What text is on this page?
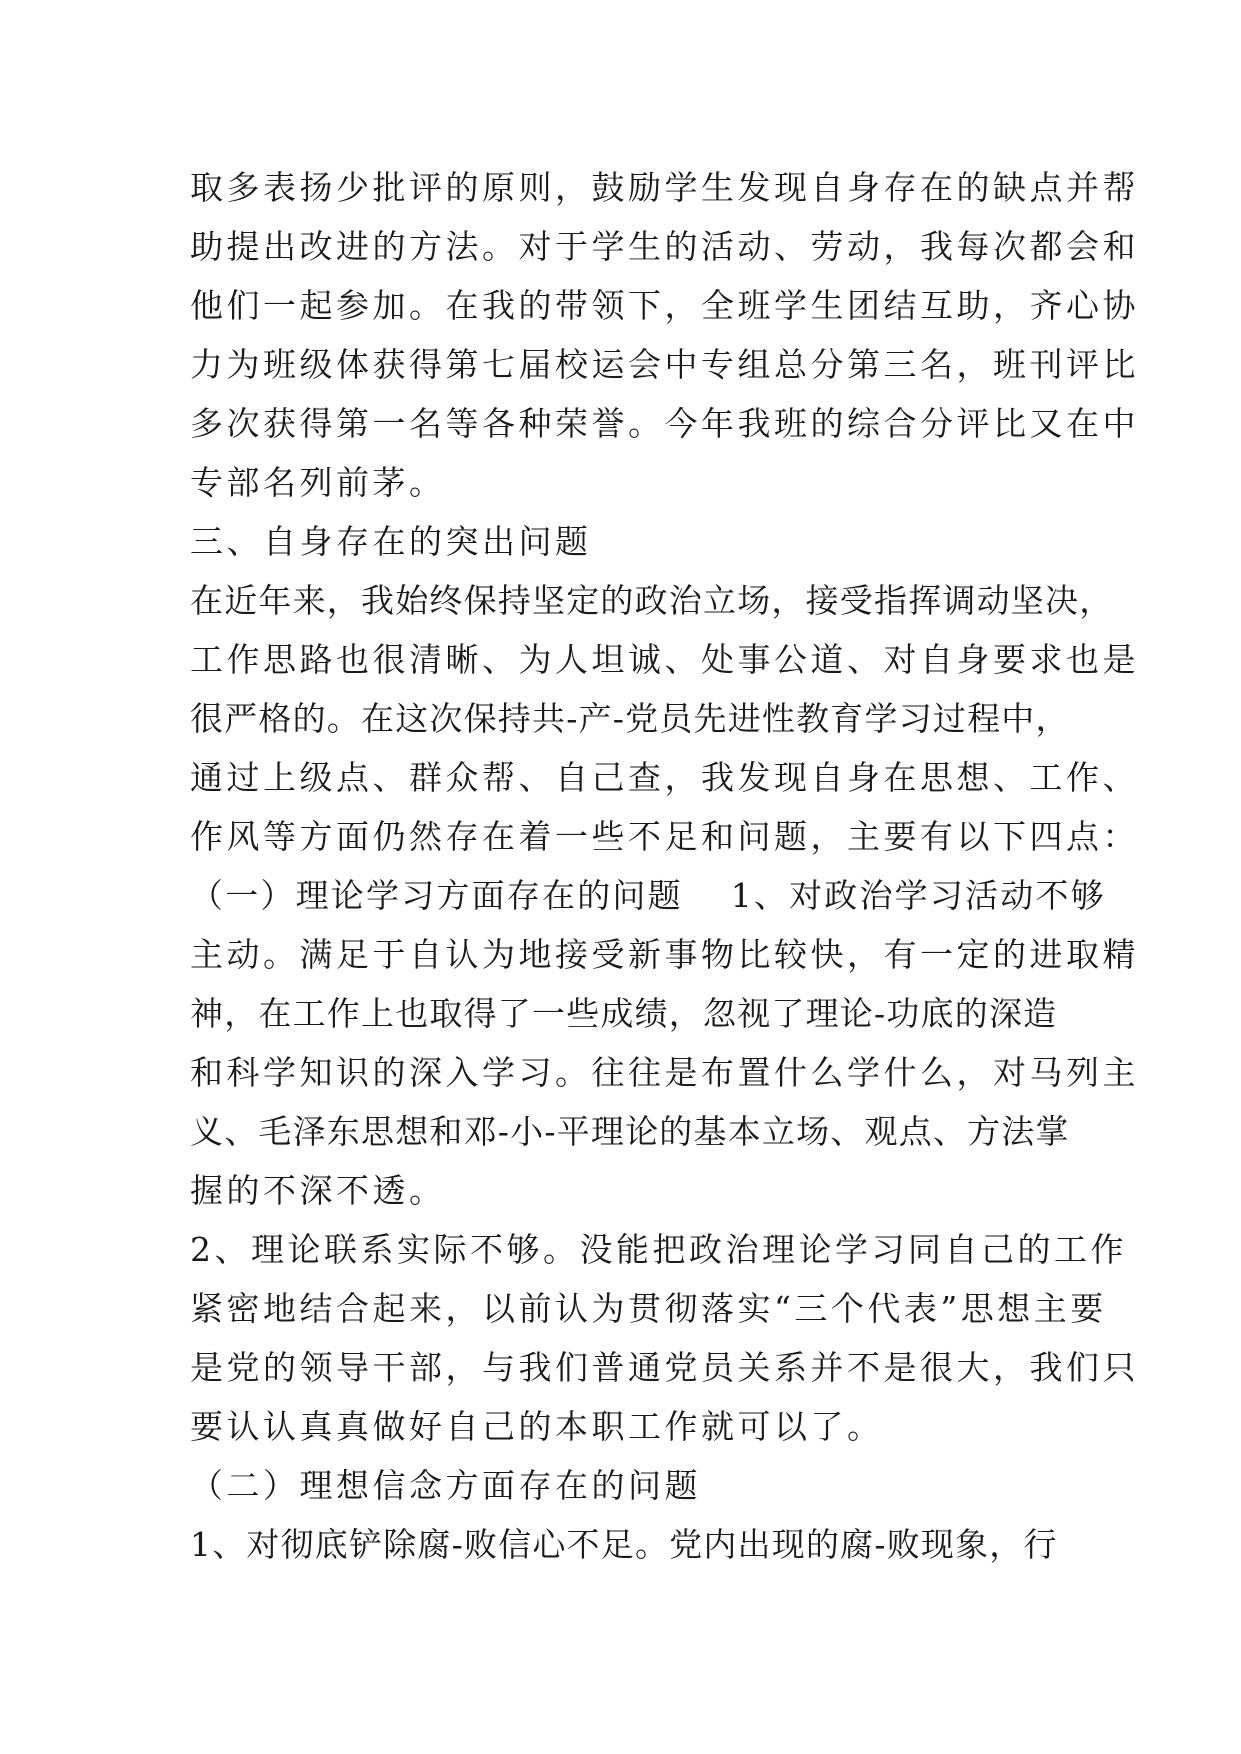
取多表扬少批评的原则，鼓励学生发现自身存在的缺点并帮
助提出改进的方法。对于学生的活动、劳动，我每次都会和
他们一起参加。在我的带领下，全班学生团结互助，齐心协
力为班级体获得第七届校运会中专组总分第三名，班刊评比
多次获得第一名等各种荣誉。今年我班的综合分评比又在中
专部名列前茅。
三、自身存在的突出问题
在近年来，我始终保持坚定的政治立场，接受指挥调动坚决，
工作思路也很清晰、为人坦诚、处事公道、对自身要求也是
很严格的。在这次保持共-产-党员先进性教育学习过程中，
通过上级点、群众帮、自己查，我发现自身在思想、工作、
作风等方面仍然存在着一些不足和问题，主要有以下四点：
（一）理论学习方面存在的问题　 1、对政治学习活动不够
主动。满足于自认为地接受新事物比较快，有一定的进取精
神，在工作上也取得了一些成绩，忽视了理论-功底的深造
和科学知识的深入学习。往往是布置什么学什么，对马列主
义、毛泽东思想和邓-小-平理论的基本立场、观点、方法掌
握的不深不透。
2、理论联系实际不够。没能把政治理论学习同自己的工作
紧密地结合起来，以前认为贯彻落实“三个代表”思想主要
是党的领导干部，与我们普通党员关系并不是很大，我们只
要认认真真做好自己的本职工作就可以了。
（二）理想信念方面存在的问题
1、对彻底铲除腐-败信心不足。党内出现的腐-败现象，行
